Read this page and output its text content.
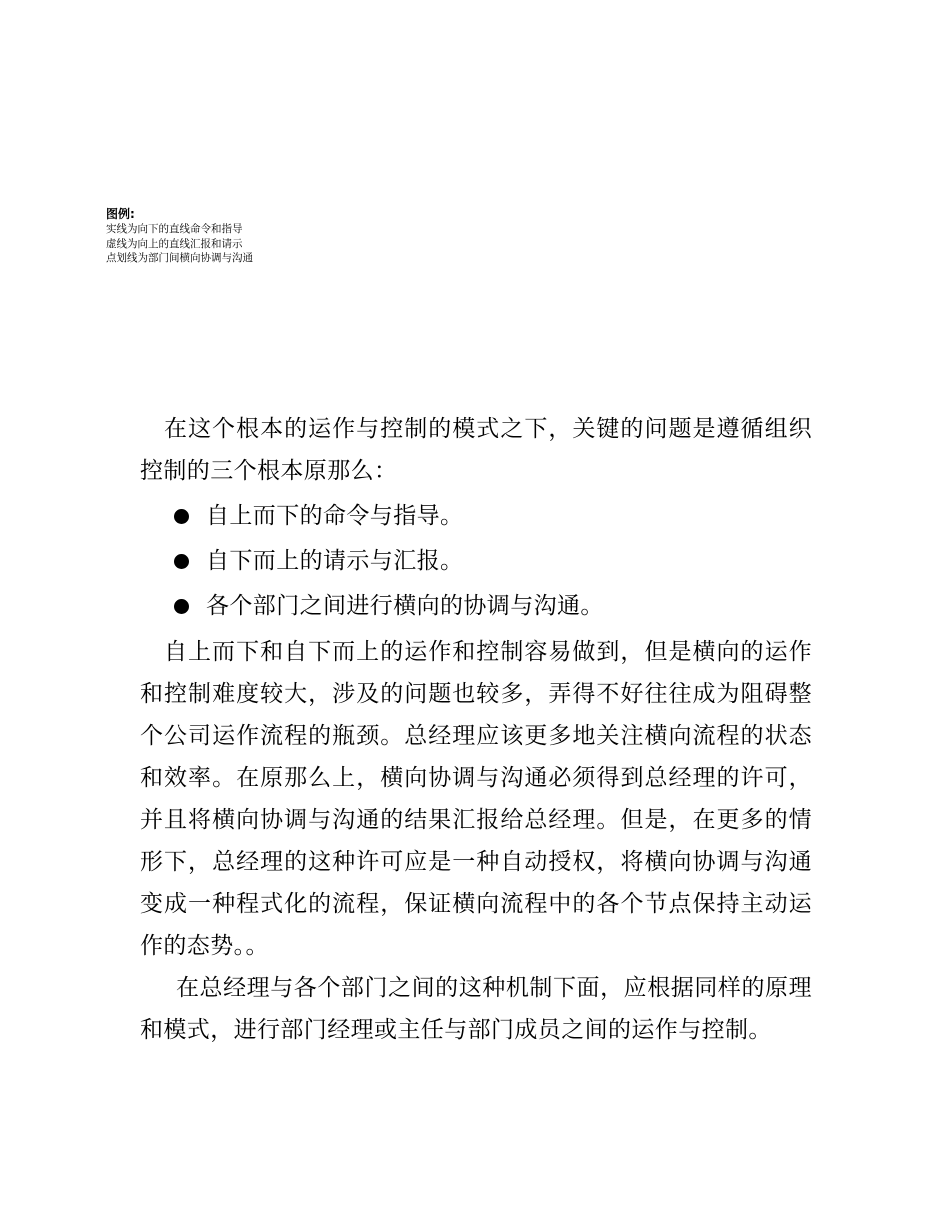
图例:

实线为向下的直线命令和指导

虚线为向上的直线汇报和请示

点划线为部门间横向协调与沟通

在这个根本的运作与控制的模式之下，关键的问题是遵循组织控制的三个根本原那么：

自上而下的命令与指导。
自下而上的请示与汇报。
各个部门之间进行横向的协调与沟通。

自上而下和自下而上的运作和控制容易做到，但是横向的运作和控制难度较大，涉及的问题也较多，弄得不好往往成为阻碍整个公司运作流程的瓶颈。总经理应该更多地关注横向流程的状态和效率。在原那么上，横向协调与沟通必须得到总经理的许可，并且将横向协调与沟通的结果汇报给总经理。但是，在更多的情形下，总经理的这种许可应是一种自动授权，将横向协调与沟通变成一种程式化的流程，保证横向流程中的各个节点保持主动运作的态势。。

在总经理与各个部门之间的这种机制下面，应根据同样的原理和模式，进行部门经理或主任与部门成员之间的运作与控制。
